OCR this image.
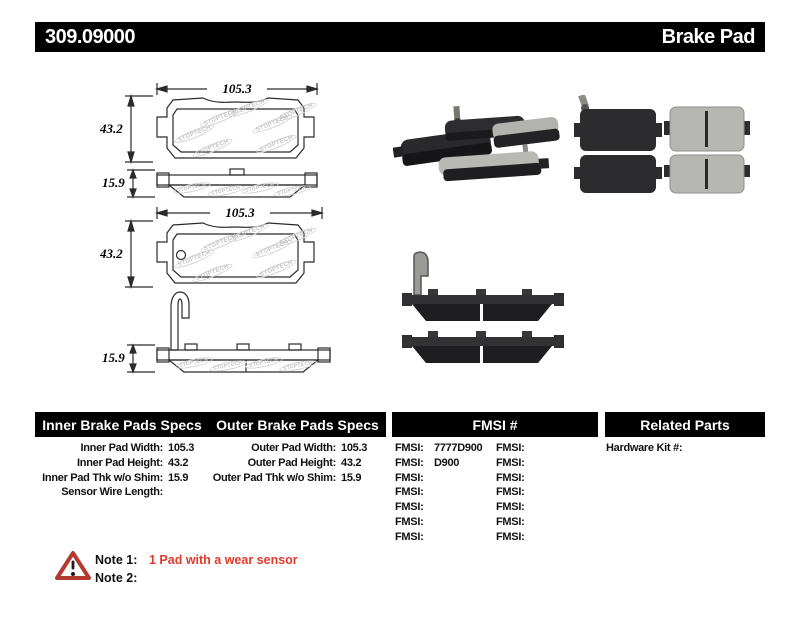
309.09000	Brake Pad
STOPTECH
STOPTECH
STOPTECH
STOPTECH
STOPTECH
STOPTECH	STOPTECH
STOPTECH STOPTECH STOPTECH STOPTECH
105.3
43.2
15.9
STOPTECH
STOPTECH
STOPTECH
STOPTECH
STOPTECH
STOPTECH	STOPTECH
STOPTECH STOPTECH	STOPTECH STOPTECH
105.3
43.2
15.9
Inner Brake Pads Specs Outer Brake Pads Specs	FMSI #	Related Parts
Inner Pad Width: 105.3
Inner Pad Height: 43.2
Inner Pad Thk w/o Shim: 15.9
Sensor Wire Length:
Outer Pad Width: 105.3
Outer Pad Height: 43.2
Outer Pad Thk w/o Shim: 15.9
FMSI: 7777D900
FMSI: D900
FMSI:
FMSI:
FMSI:
FMSI:
FMSI:
FMSI:
FMSI:
FMSI:
FMSI:
FMSI:
FMSI:
FMSI:
Hardware Kit #:
Note 1: 1 Pad with a wear sensor
Note 2:
